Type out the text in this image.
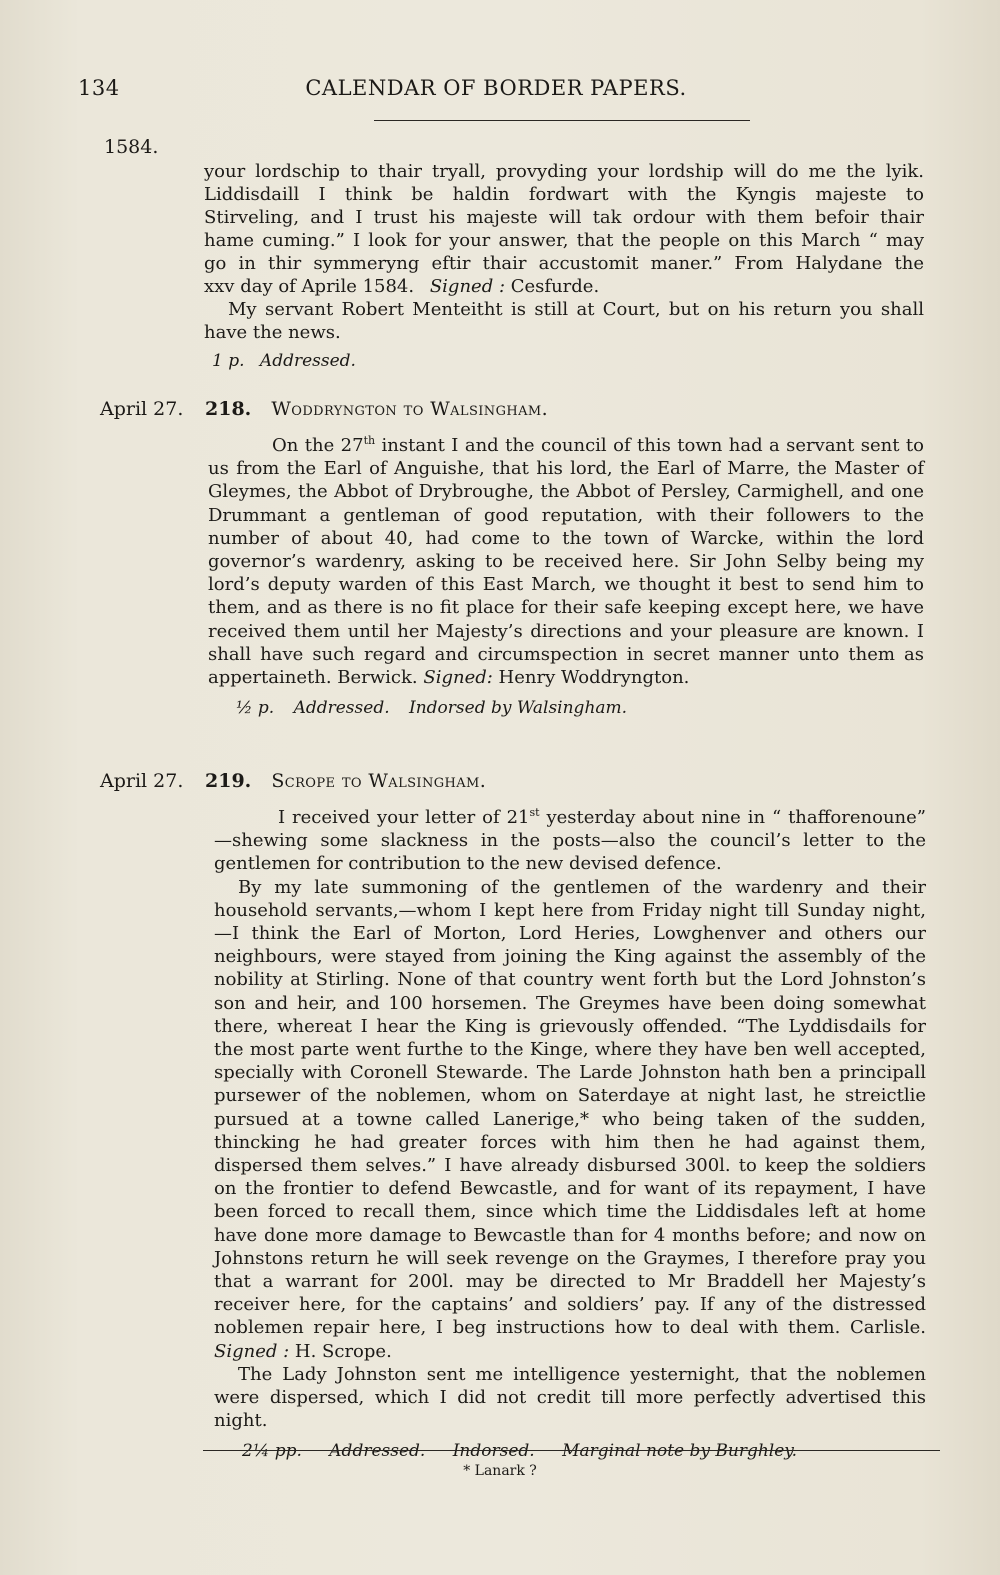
134	CALENDAR OF BORDER PAPERS.
1584.
your lordschip to thair tryall, provyding your lordship will do me the lyik.
Liddisdaill I think be haldin fordwart with the Kyngis majeste to
Stirveling, and I trust his majeste will tak ordour with them befoir thair
hame cuming.” I look for your answer, that the people on this March “ may
go in thir symmeryng eftir thair accustomit maner.” From Halydane the
xxv day of Aprile 1584. Signed : Cesfurde.

My servant Robert Menteitht is still at Court, but on his return you shall have the news.

1 p. Addressed.
April 27. 218. Woddryngton to Walsingham.

On the 27th instant I and the council of this town had a servant sent to us from the Earl of Anguishe, that his lord, the Earl of Marre, the Master of Gleymes, the Abbot of Drybroughe, the Abbot of Persley, Carmighell, and one Drummant a gentleman of good reputation, with their followers to the number of about 40, had come to the town of Warcke, within the lord governor’s wardenry, asking to be received here. Sir John Selby being my lord’s deputy warden of this East March, we thought it best to send him to them, and as there is no fit place for their safe keeping except here, we have received them until her Majesty’s directions and your pleasure are known. I shall have such regard and circumspection in secret manner unto them as appertaineth. Berwick. Signed: Henry Woddryngton.

½ p. Addressed. Indorsed by Walsingham.
April 27. 219. Scrope to Walsingham.

I received your letter of 21st yesterday about nine in “ thafforenoune” —shewing some slackness in the posts—also the council’s letter to the gentlemen for contribution to the new devised defence.

By my late summoning of the gentlemen of the wardenry and their household servants,—whom I kept here from Friday night till Sunday night, —I think the Earl of Morton, Lord Heries, Lowghenver and others our neighbours, were stayed from joining the King against the assembly of the nobility at Stirling. None of that country went forth but the Lord Johnston’s son and heir, and 100 horsemen. The Greymes have been doing somewhat there, whereat I hear the King is grievously offended. “The Lyddisdails for the most parte went furthe to the Kinge, where they have ben well accepted, specially with Coronell Stewarde. The Larde Johnston hath ben a principall pursewer of the noblemen, whom on Saterdaye at night last, he streictlie pursued at a towne called Lanerige,* who being taken of the sudden, thincking he had greater forces with him then he had against them, dispersed them selves.” I have already disbursed 300l. to keep the soldiers on the frontier to defend Bewcastle, and for want of its repayment, I have been forced to recall them, since which time the Liddisdales left at home have done more damage to Bewcastle than for 4 months before; and now on Johnstons return he will seek revenge on the Graymes, I therefore pray you that a warrant for 200l. may be directed to Mr Braddell her Majesty’s receiver here, for the captains’ and soldiers’ pay. If any of the distressed noblemen repair here, I beg instructions how to deal with them. Carlisle. Signed : H. Scrope.

The Lady Johnston sent me intelligence yesternight, that the noblemen were dispersed, which I did not credit till more perfectly advertised this night.

2¼ pp. Addressed. Indorsed. Marginal note by Burghley.
* Lanark ?
